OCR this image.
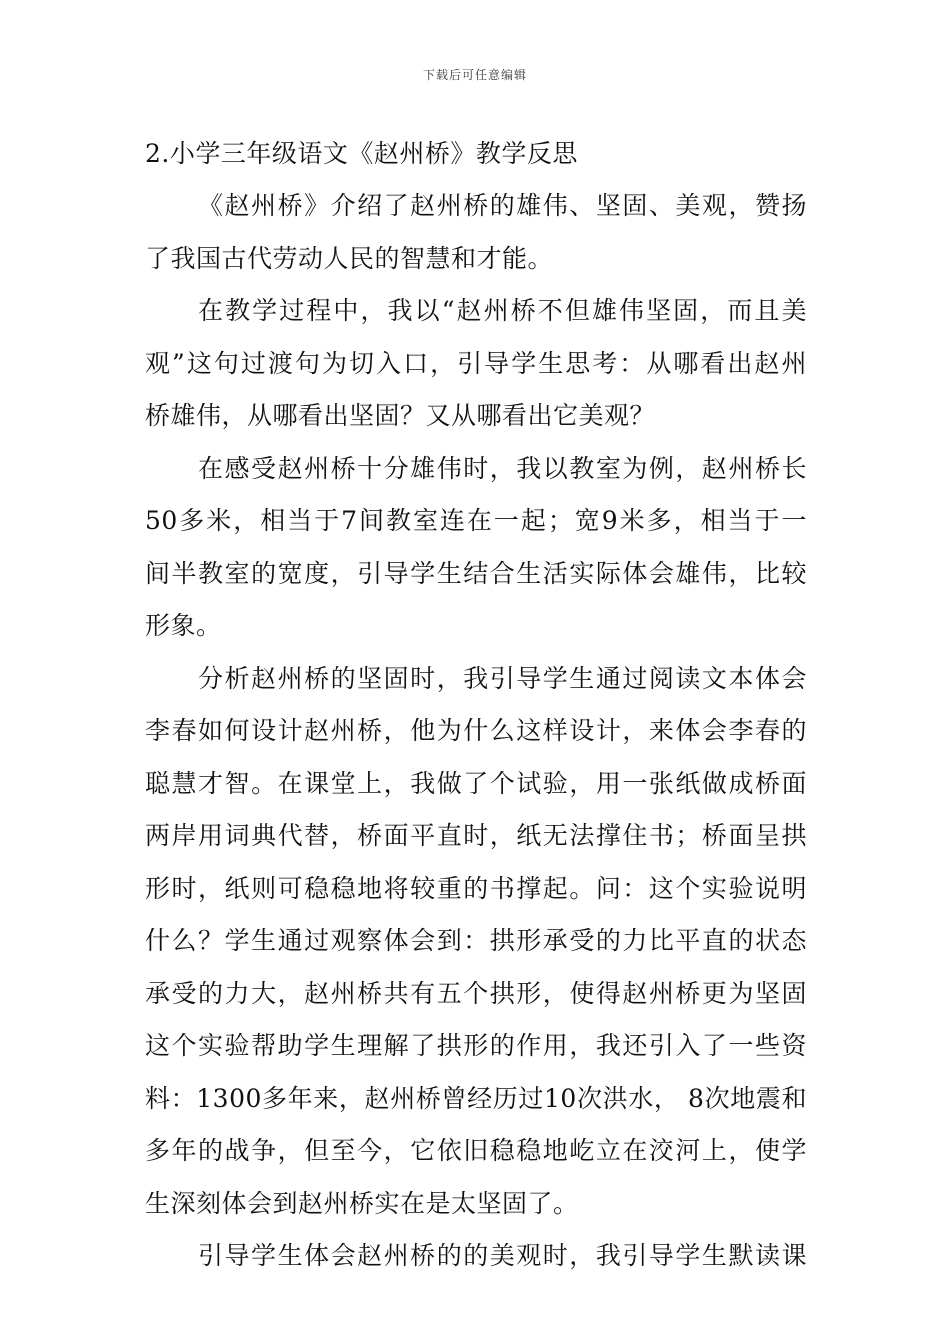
下载后可任意编辑
2.小学三年级语文《赵州桥》教学反思
《赵州桥》介绍了赵州桥的雄伟、坚固、美观，赞扬
了我国古代劳动人民的智慧和才能。
在教学过程中，我以“赵州桥不但雄伟坚固，而且美
观”这句过渡句为切入口，引导学生思考：从哪看出赵州
桥雄伟，从哪看出坚固？又从哪看出它美观？
在感受赵州桥十分雄伟时，我以教室为例，赵州桥长
50多米，相当于7间教室连在一起；宽9米多，相当于一
间半教室的宽度，引导学生结合生活实际体会雄伟，比较
形象。
分析赵州桥的坚固时，我引导学生通过阅读文本体会
李春如何设计赵州桥，他为什么这样设计，来体会李春的
聪慧才智。在课堂上，我做了个试验，用一张纸做成桥面
两岸用词典代替，桥面平直时，纸无法撑住书；桥面呈拱
形时，纸则可稳稳地将较重的书撑起。问：这个实验说明
什么？学生通过观察体会到：拱形承受的力比平直的状态
承受的力大，赵州桥共有五个拱形，使得赵州桥更为坚固
这个实验帮助学生理解了拱形的作用，我还引入了一些资
料：1300多年来，赵州桥曾经历过10次洪水， 8次地震和
多年的战争，但至今，它依旧稳稳地屹立在洨河上，使学
生深刻体会到赵州桥实在是太坚固了。
引导学生体会赵州桥的的美观时，我引导学生默读课
